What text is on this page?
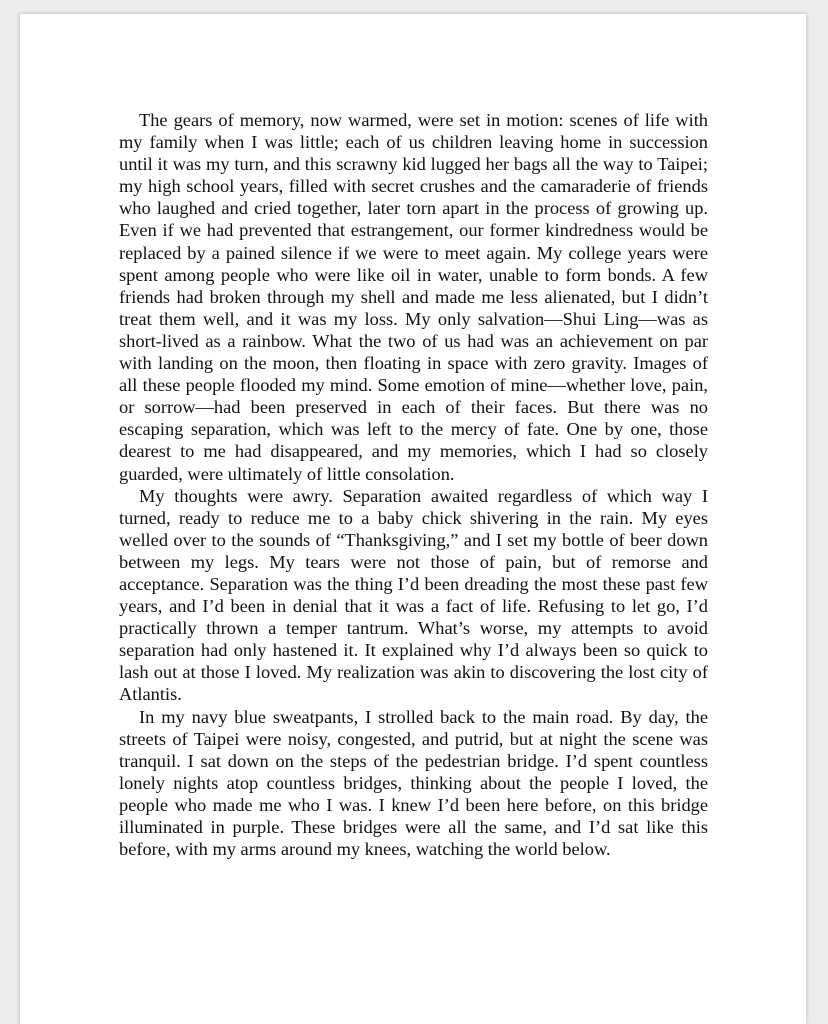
The gears of memory, now warmed, were set in motion: scenes of life with my family when I was little; each of us children leaving home in succession until it was my turn, and this scrawny kid lugged her bags all the way to Taipei; my high school years, filled with secret crushes and the camaraderie of friends who laughed and cried together, later torn apart in the process of growing up. Even if we had prevented that estrangement, our former kindredness would be replaced by a pained silence if we were to meet again. My college years were spent among people who were like oil in water, unable to form bonds. A few friends had broken through my shell and made me less alienated, but I didn’t treat them well, and it was my loss. My only salvation—Shui Ling—was as short-lived as a rainbow. What the two of us had was an achievement on par with landing on the moon, then floating in space with zero gravity. Images of all these people flooded my mind. Some emotion of mine—whether love, pain, or sorrow—had been preserved in each of their faces. But there was no escaping separation, which was left to the mercy of fate. One by one, those dearest to me had disappeared, and my memories, which I had so closely guarded, were ultimately of little consolation.

My thoughts were awry. Separation awaited regardless of which way I turned, ready to reduce me to a baby chick shivering in the rain. My eyes welled over to the sounds of “Thanksgiving,” and I set my bottle of beer down between my legs. My tears were not those of pain, but of remorse and acceptance. Separation was the thing I’d been dreading the most these past few years, and I’d been in denial that it was a fact of life. Refusing to let go, I’d practically thrown a temper tantrum. What’s worse, my attempts to avoid separation had only hastened it. It explained why I’d always been so quick to lash out at those I loved. My realization was akin to discovering the lost city of Atlantis.

In my navy blue sweatpants, I strolled back to the main road. By day, the streets of Taipei were noisy, congested, and putrid, but at night the scene was tranquil. I sat down on the steps of the pedestrian bridge. I’d spent countless lonely nights atop countless bridges, thinking about the people I loved, the people who made me who I was. I knew I’d been here before, on this bridge illuminated in purple. These bridges were all the same, and I’d sat like this before, with my arms around my knees, watching the world below.
